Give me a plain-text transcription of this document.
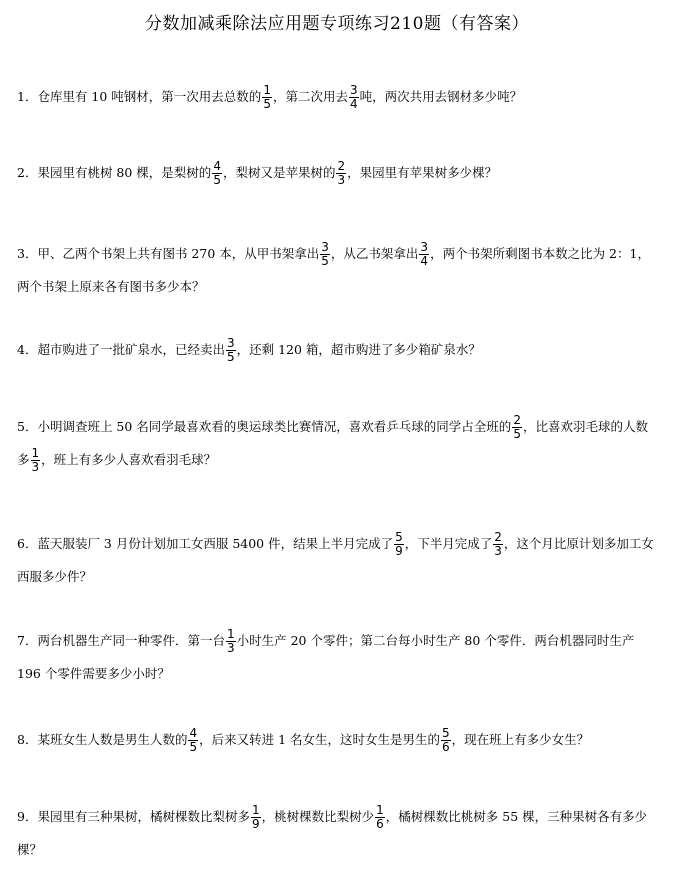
分数加减乘除法应用题专项练习210题（有答案）
1．仓库里有 10 吨钢材，第一次用去总数的 $\frac{1}{5}$ ，第二次用去 $\frac{3}{4}$ 吨，两次共用去钢材多少吨？
2．果园里有桃树 80 棵，是梨树的 $\frac{4}{5}$ ，梨树又是苹果树的 $\frac{2}{3}$ ，果园里有苹果树多少棵？
3．甲、乙两个书架上共有图书 270 本，从甲书架拿出 $\frac{3}{5}$ ，从乙书架拿出 $\frac{3}{4}$ ，两个书架所剩图书本数之比为 2：1，
两个书架上原来各有图书多少本？
4．超市购进了一批矿泉水，已经卖出 $\frac{3}{5}$ ，还剩 120 箱，超市购进了多少箱矿泉水？
5．小明调查班上 50 名同学最喜欢看的奥运球类比赛情况，喜欢看乒乓球的同学占全班的 $\frac{2}{5}$ ，比喜欢羽毛球的人数
多 $\frac{1}{3}$ ，班上有多少人喜欢看羽毛球？
6．蓝天服装厂 3 月份计划加工女西服 5400 件，结果上半月完成了 $\frac{5}{9}$ ，下半月完成了 $\frac{2}{3}$ ，这个月比原计划多加工女
西服多少件？
7．两台机器生产同一种零件．第一台 $\frac{1}{3}$ 小时生产 20 个零件；第二台每小时生产 80 个零件．两台机器同时生产
196 个零件需要多少小时？
8．某班女生人数是男生人数的 $\frac{4}{5}$ ，后来又转进 1 名女生，这时女生是男生的 $\frac{5}{6}$ ，现在班上有多少女生？
9．果园里有三种果树，橘树棵数比梨树多 $\frac{1}{9}$ ，桃树棵数比梨树少 $\frac{1}{6}$ ，橘树棵数比桃树多 55 棵，三种果树各有多少
棵？
